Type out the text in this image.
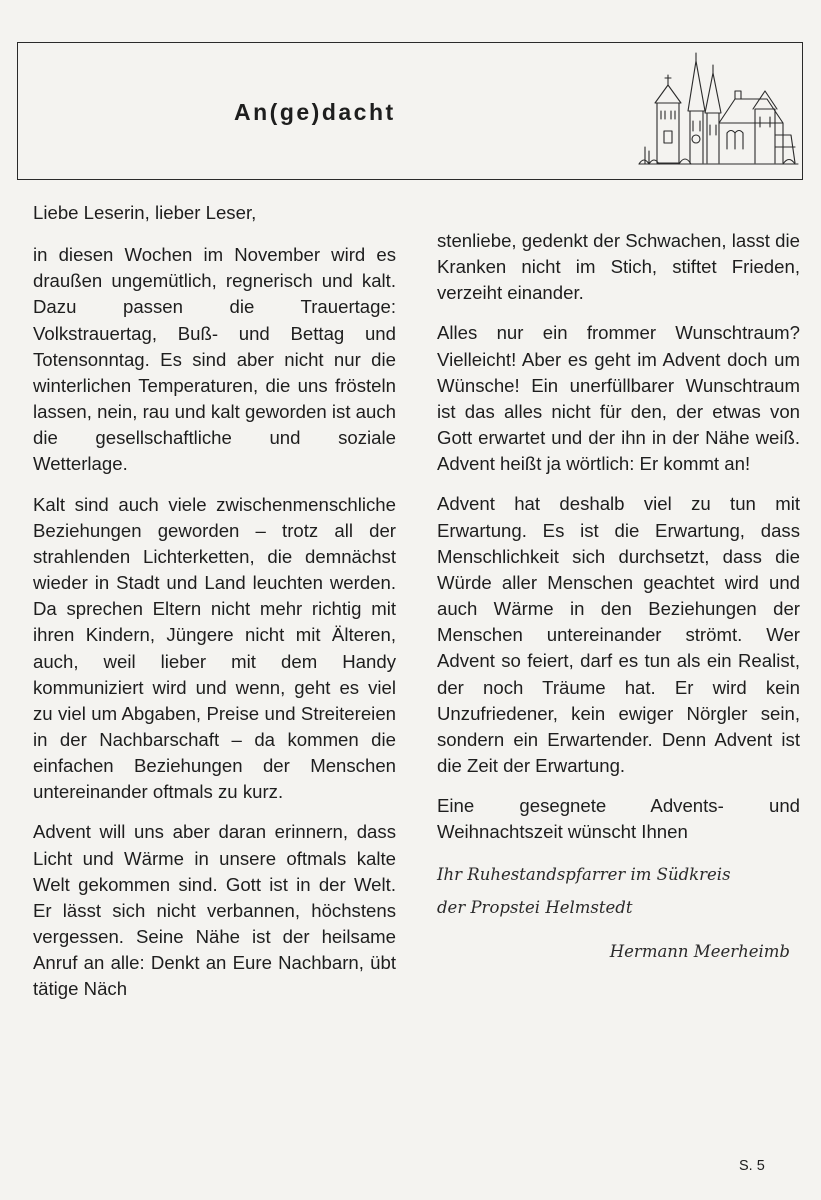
An(ge)dacht

Liebe Leserin, lieber Leser,

in diesen Wochen im November wird es draußen ungemütlich, regnerisch und kalt. Dazu passen die Trauertage: Volkstrauertag, Buß- und Bettag und Totensonntag. Es sind aber nicht nur die winterlichen Temperaturen, die uns frösteln lassen, nein, rau und kalt geworden ist auch die gesellschaftliche und soziale Wetterlage.

Kalt sind auch viele zwischenmenschliche Beziehungen geworden – trotz all der strahlenden Lichterketten, die demnächst wieder in Stadt und Land leuchten werden. Da sprechen Eltern nicht mehr richtig mit ihren Kindern, Jüngere nicht mit Älteren, auch, weil lieber mit dem Handy kommuniziert wird und wenn, geht es viel zu viel um Abgaben, Preise und Streitereien in der Nachbarschaft – da kommen die einfachen Beziehungen der Menschen untereinander oftmals zu kurz.

Advent will uns aber daran erinnern, dass Licht und Wärme in unsere oftmals kalte Welt gekommen sind. Gott ist in der Welt. Er lässt sich nicht verbannen, höchstens vergessen. Seine Nähe ist der heilsame Anruf an alle: Denkt an Eure Nachbarn, übt tätige Näch

stenliebe, gedenkt der Schwachen, lasst die Kranken nicht im Stich, stiftet Frieden, verzeiht einander.

Alles nur ein frommer Wunschtraum? Vielleicht! Aber es geht im Advent doch um Wünsche! Ein unerfüllbarer Wunschtraum ist das alles nicht für den, der etwas von Gott erwartet und der ihn in der Nähe weiß. Advent heißt ja wörtlich: Er kommt an!

Advent hat deshalb viel zu tun mit Erwartung. Es ist die Erwartung, dass Menschlichkeit sich durchsetzt, dass die Würde aller Menschen geachtet wird und auch Wärme in den Beziehungen der Menschen untereinander strömt. Wer Advent so feiert, darf es tun als ein Realist, der noch Träume hat. Er wird kein Unzufriedener, kein ewiger Nörgler sein, sondern ein Erwartender. Denn Advent ist die Zeit der Erwartung.

Eine gesegnete Advents- und Weihnachtszeit wünscht Ihnen

Ihr Ruhestandspfarrer im Südkreis
der Propstei Helmstedt
Hermann Meerheimb
S. 5
